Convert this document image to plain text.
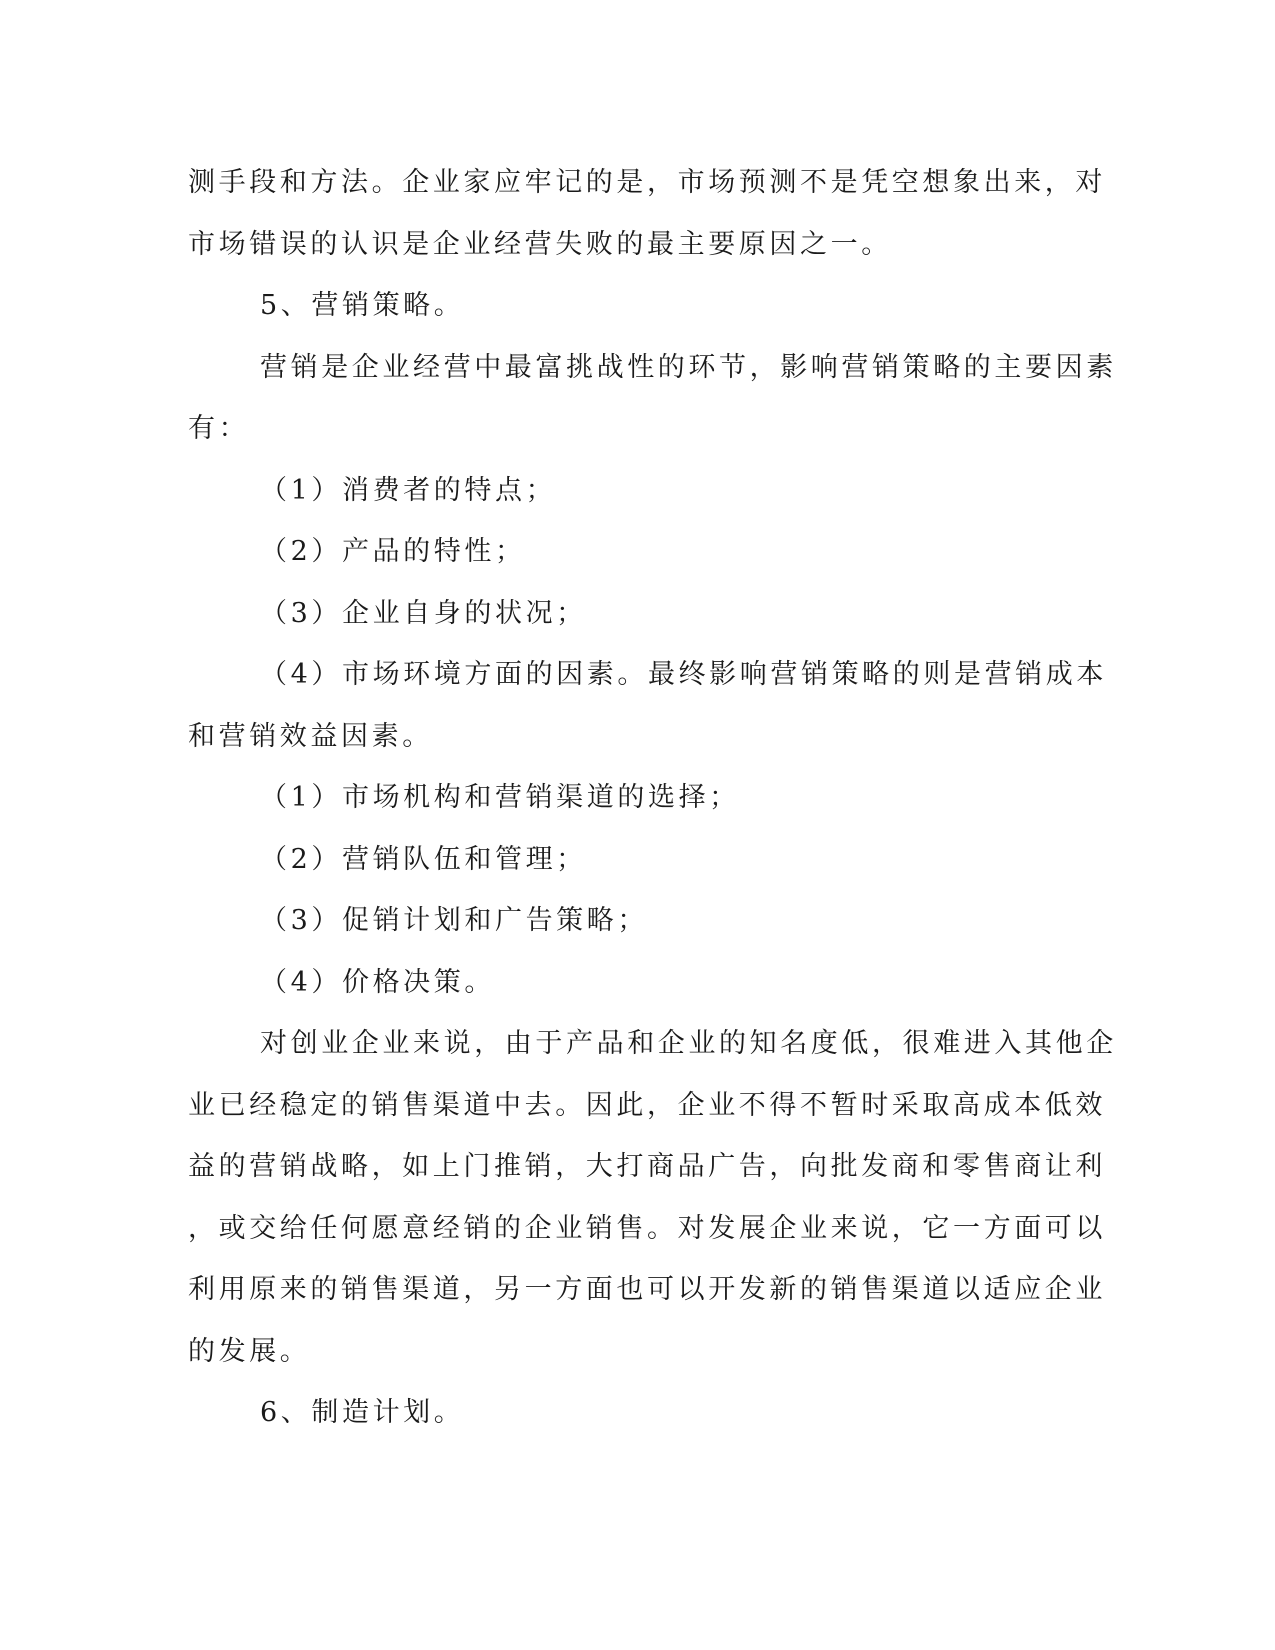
测手段和方法。企业家应牢记的是，市场预测不是凭空想象出来，对
市场错误的认识是企业经营失败的最主要原因之一。
5、营销策略。
营销是企业经营中最富挑战性的环节，影响营销策略的主要因素
有：
（1）消费者的特点；
（2）产品的特性；
（3）企业自身的状况；
（4）市场环境方面的因素。最终影响营销策略的则是营销成本
和营销效益因素。
（1）市场机构和营销渠道的选择；
（2）营销队伍和管理；
（3）促销计划和广告策略；
（4）价格决策。
对创业企业来说，由于产品和企业的知名度低，很难进入其他企
业已经稳定的销售渠道中去。因此，企业不得不暂时采取高成本低效
益的营销战略，如上门推销，大打商品广告，向批发商和零售商让利
，或交给任何愿意经销的企业销售。对发展企业来说，它一方面可以
利用原来的销售渠道，另一方面也可以开发新的销售渠道以适应企业
的发展。
6、制造计划。
